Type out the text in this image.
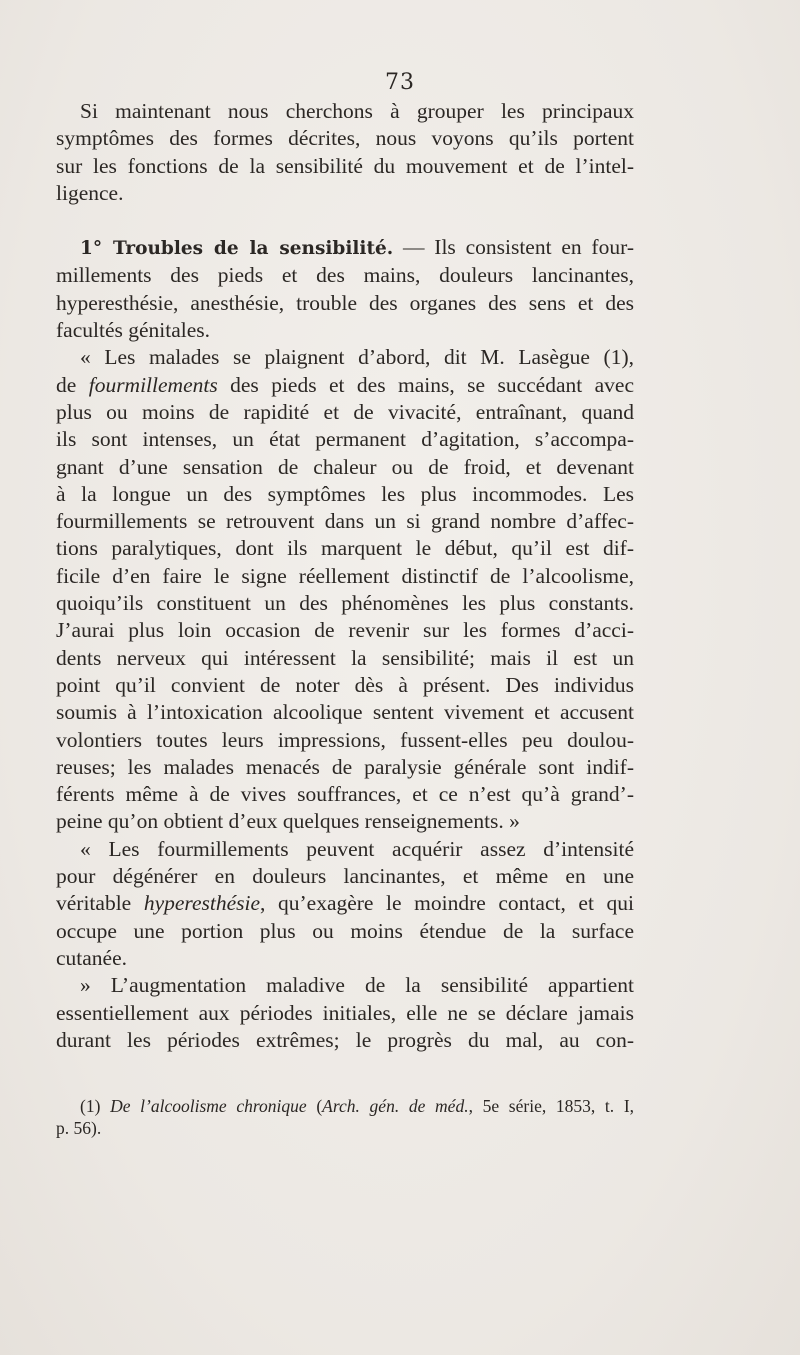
73
Si maintenant nous cherchons à grouper les principaux
symptômes des formes décrites, nous voyons qu’ils portent
sur les fonctions de la sensibilité du mouvement et de l’intel-
ligence.
1° Troubles de la sensibilité. — Ils consistent en four-
millements des pieds et des mains, douleurs lancinantes,
hyperesthésie, anesthésie, trouble des organes des sens et des
facultés génitales.
« Les malades se plaignent d’abord, dit M. Lasègue (1),
de fourmillements des pieds et des mains, se succédant avec
plus ou moins de rapidité et de vivacité, entraînant, quand
ils sont intenses, un état permanent d’agitation, s’accompa-
gnant d’une sensation de chaleur ou de froid, et devenant
à la longue un des symptômes les plus incommodes. Les
fourmillements se retrouvent dans un si grand nombre d’affec-
tions paralytiques, dont ils marquent le début, qu’il est dif-
ficile d’en faire le signe réellement distinctif de l’alcoolisme,
quoiqu’ils constituent un des phénomènes les plus constants.
J’aurai plus loin occasion de revenir sur les formes d’acci-
dents nerveux qui intéressent la sensibilité; mais il est un
point qu’il convient de noter dès à présent. Des individus
soumis à l’intoxication alcoolique sentent vivement et accusent
volontiers toutes leurs impressions, fussent-elles peu doulou-
reuses; les malades menacés de paralysie générale sont indif-
férents même à de vives souffrances, et ce n’est qu’à grand’-
peine qu’on obtient d’eux quelques renseignements. »
« Les fourmillements peuvent acquérir assez d’intensité
pour dégénérer en douleurs lancinantes, et même en une
véritable hyperesthésie, qu’exagère le moindre contact, et qui
occupe une portion plus ou moins étendue de la surface
cutanée.
» L’augmentation maladive de la sensibilité appartient
essentiellement aux périodes initiales, elle ne se déclare jamais
durant les périodes extrêmes; le progrès du mal, au con-
(1) De l’alcoolisme chronique (Arch. gén. de méd., 5e série, 1853, t. I,
p. 56).
